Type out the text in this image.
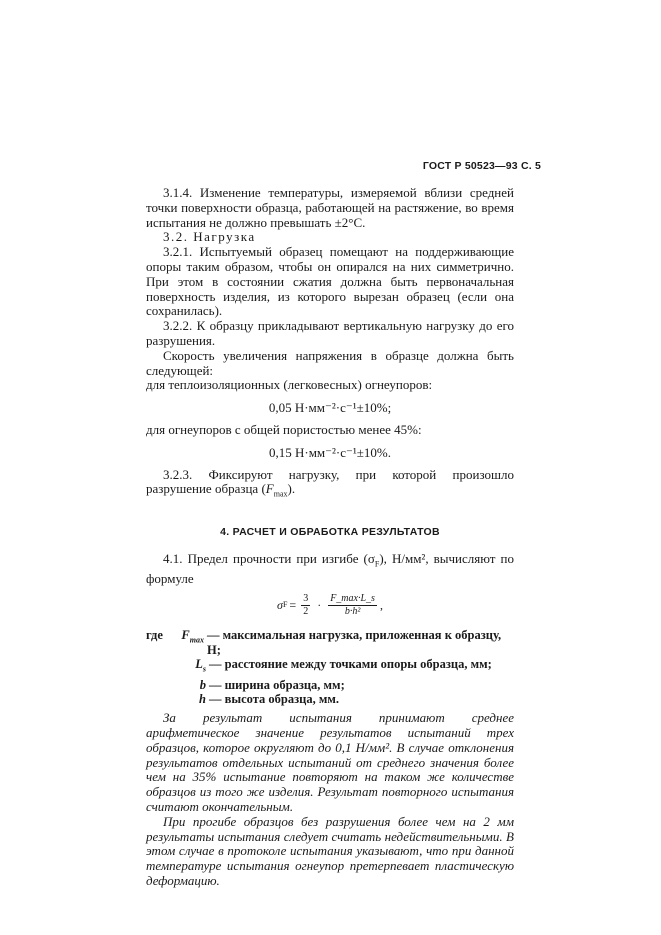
ГОСТ Р 50523—93 С. 5

3.1.4. Изменение температуры, измеряемой вблизи средней точки поверхности образца, работающей на растяжение, во время испытания не должно превышать ±2°С.

3.2. Нагрузка

3.2.1. Испытуемый образец помещают на поддерживающие опоры таким образом, чтобы он опирался на них симметрично. При этом в состоянии сжатия должна быть первоначальная поверхность изделия, из которого вырезан образец (если она сохранилась).

3.2.2. К образцу прикладывают вертикальную нагрузку до его разрушения.

Скорость увеличения напряжения в образце должна быть следующей:

для теплоизоляционных (легковесных) огнеупоров:

0,05 Н·мм⁻²·с⁻¹±10%;

для огнеупоров с общей пористостью менее 45%:

0,15 Н·мм⁻²·с⁻¹±10%.

3.2.3. Фиксируют нагрузку, при которой произошло разрушение образца $(F_{max})$.

4. РАСЧЕТ И ОБРАБОТКА РЕЗУЛЬТАТОВ

4.1. Предел прочности при изгибе $(\sigma_F)$, Н/мм², вычисляют по формуле

σ $F = \frac{3}{2} \cdot \frac{F\_\max\cdot L\_s}{\text{b·h²}}$ ,
где	$F_{max}$ — максимальная нагрузка, приложенная к образцу, Н;
$L_s$ — расстояние между точками опоры образца, мм;
b — ширина образца, мм;
h — высота образца, мм.

За результат испытания принимают среднее арифметическое значение результатов испытаний трех образцов, которое округляют до 0,1 Н/мм². В случае отклонения результатов отдельных испытаний от среднего значения более чем на 35% испытание повторяют на таком же количестве образцов из того же изделия. Результат повторного испытания считают окончательным.

При прогибе образцов без разрушения более чем на 2 мм результаты испытания следует считать недействительными. В этом случае в протоколе испытания указывают, что при данной температуре испытания огнеупор претерпевает пластическую деформацию.
